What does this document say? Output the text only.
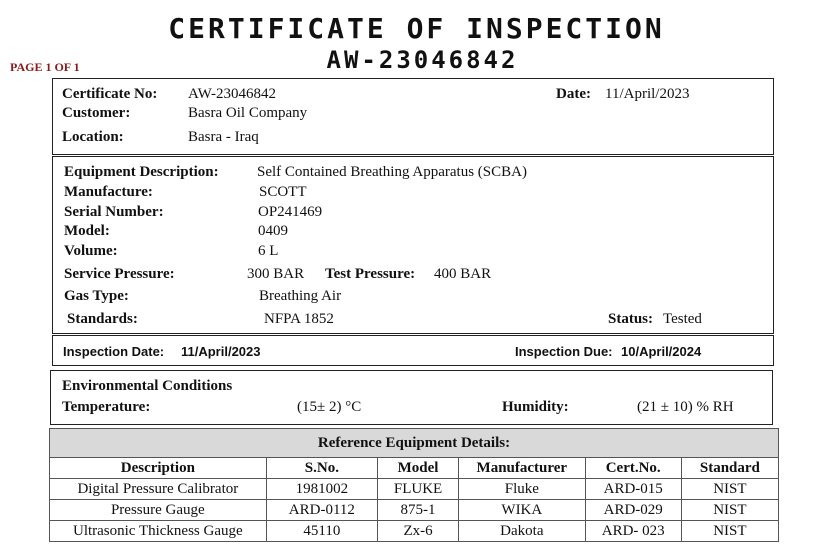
CERTIFICATE OF INSPECTION
AW-23046842
PAGE 1 OF 1
Certificate No: AW-23046842	Date: 11/April/2023
Customer:	Basra Oil Company
Location:	Basra - Iraq
Equipment Description:	Self Contained Breathing Apparatus (SCBA)
Manufacture:	SCOTT
Serial Number:	OP241469
Model:	0409
Volume:	6 L
Service Pressure:	300 BAR Test Pressure: 400 BAR
Gas Type:	Breathing Air
Standards:	NFPA 1852	Status: Tested
Inspection Date: 11/April/2023	Inspection Due: 10/April/2024
Environmental Conditions
Temperature:	(15± 2) °C	Humidity:	(21 ± 10) % RH
Reference Equipment Details:					
Description	S.No.	Model	Manufacturer	Cert.No.	Standard
Digital Pressure Calibrator	1981002	FLUKE	Fluke	ARD-015	NIST
Pressure Gauge	ARD-0112	875-1	WIKA	ARD-029	NIST
Ultrasonic Thickness Gauge	45110	Zx-6	Dakota	ARD- 023	NIST
